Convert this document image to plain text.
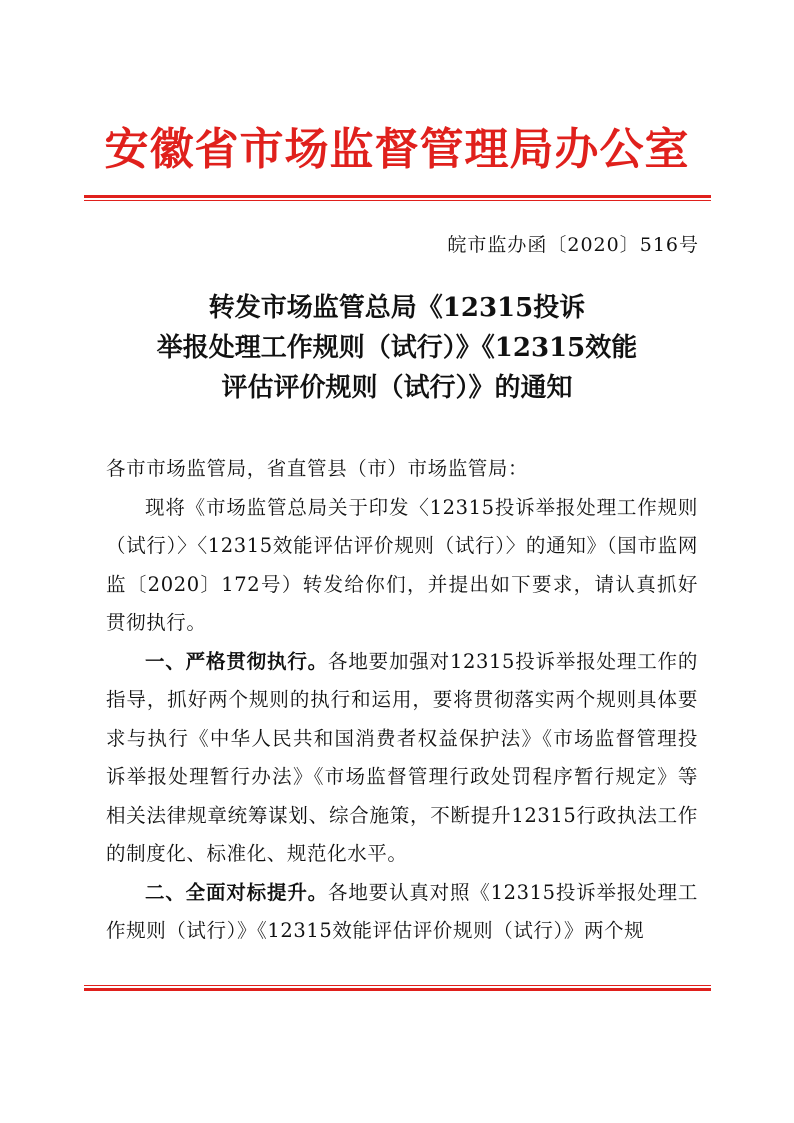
安徽省市场监督管理局办公室
皖市监办函〔2020〕516号
转发市场监管总局《12315投诉
举报处理工作规则（试行）》《12315效能
评估评价规则（试行）》的通知
各市市场监管局，省直管县（市）市场监管局：
现将《市场监管总局关于印发〈12315投诉举报处理工作规则（试行）〉〈12315效能评估评价规则（试行）〉的通知》（国市监网监〔2020〕172号）转发给你们，并提出如下要求，请认真抓好贯彻执行。
一、严格贯彻执行。各地要加强对12315投诉举报处理工作的指导，抓好两个规则的执行和运用，要将贯彻落实两个规则具体要求与执行《中华人民共和国消费者权益保护法》《市场监督管理投诉举报处理暂行办法》《市场监督管理行政处罚程序暂行规定》等相关法律规章统筹谋划、综合施策，不断提升12315行政执法工作的制度化、标准化、规范化水平。
二、全面对标提升。各地要认真对照《12315投诉举报处理工作规则（试行）》《12315效能评估评价规则（试行）》两个规
